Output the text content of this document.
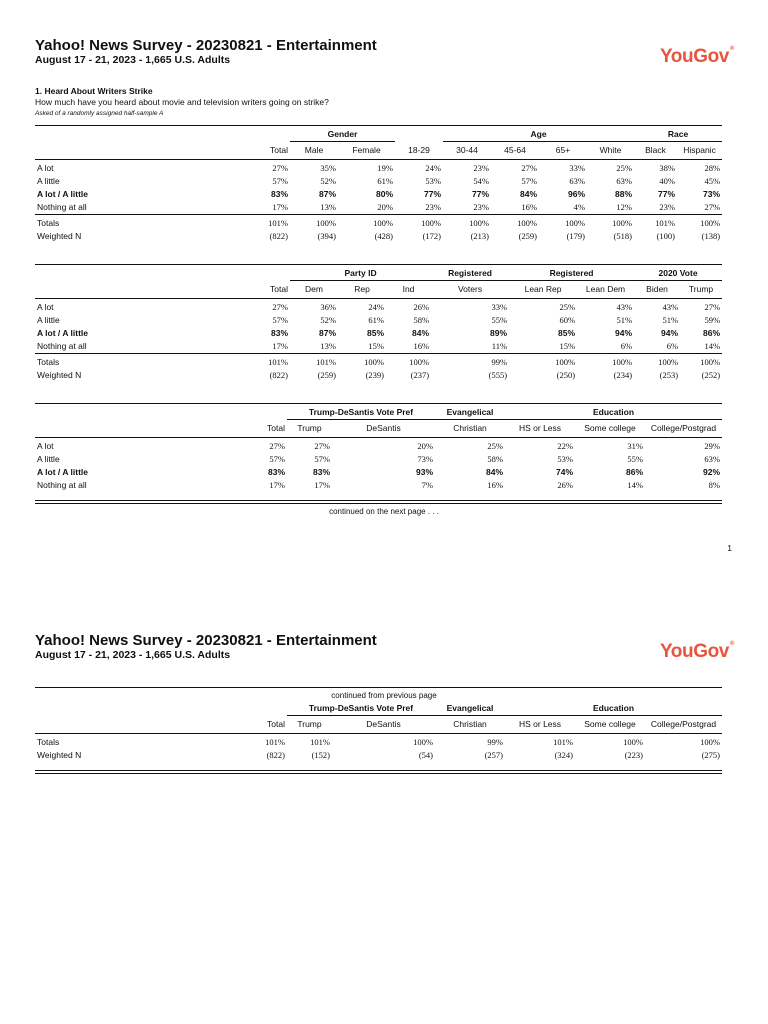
Yahoo! News Survey - 20230821 - Entertainment
August 17 - 21, 2023 - 1,665 U.S. Adults	YouGov®
1. Heard About Writers Strike
How much have you heard about movie and television writers going on strike?
Asked of a randomly assigned half-sample A
		Gender			Age				Race	
	Total	Male	Female	18-29	30-44	45-64	65+	White	Black	Hispanic
A lot	27%	35%	19%	24%	23%	27%	33%	25%	38%	28%
A little	57%	52%	61%	53%	54%	57%	63%	63%	40%	45%
A lot / A little	83%	87%	80%	77%	77%	84%	96%	88%	77%	73%
Nothing at all	17%	13%	20%	23%	23%	16%	4%	12%	23%	27%
Totals	101%	100%	100%	100%	100%	100%	100%	100%	101%	100%
Weighted N	(822)	(394)	(428)	(172)	(213)	(259)	(179)	(518)	(100)	(138)
		Party ID			Registered	Registered		2020 Vote	
	Total	Dem	Rep	Ind	Voters	Lean Rep	Lean Dem	Biden	Trump
A lot	27%	36%	24%	26%	33%	25%	43%	43%	27%
A little	57%	52%	61%	58%	55%	60%	51%	51%	59%
A lot / A little	83%	87%	85%	84%	89%	85%	94%	94%	86%
Nothing at all	17%	13%	15%	16%	11%	15%	6%	6%	14%
Totals	101%	101%	100%	100%	99%	100%	100%	100%	100%
Weighted N	(822)	(259)	(239)	(237)	(555)	(250)	(234)	(253)	(252)
		Trump-DeSantis Vote Pref		Evangelical	Education		
	Total	Trump	DeSantis	Christian	HS or Less	Some college	College/Postgrad
A lot	27%	27%	20%	25%	22%	31%	29%
A little	57%	57%	73%	58%	53%	55%	63%
A lot / A little	83%	83%	93%	84%	74%	86%	92%
Nothing at all	17%	17%	7%	16%	26%	14%	8%
continued on the next page . . .
1
Yahoo! News Survey - 20230821 - Entertainment
August 17 - 21, 2023 - 1,665 U.S. Adults	YouGov®
continued from previous page
		Trump-DeSantis Vote Pref		Evangelical	Education		
	Total	Trump	DeSantis	Christian	HS or Less	Some college	College/Postgrad
Totals	101%	101%	100%	99%	101%	100%	100%
Weighted N	(822)	(152)	(54)	(257)	(324)	(223)	(275)
